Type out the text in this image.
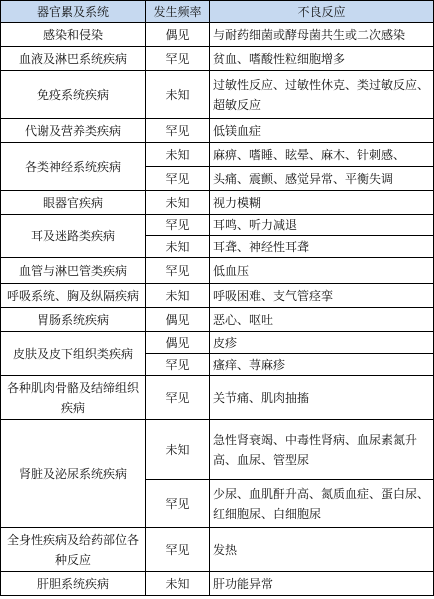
器官累及系统	发生频率	不良反应
感染和侵染	偶见	与耐药细菌或酵母菌共生或二次感染
血液及淋巴系统疾病	罕见	贫血、嗜酸性粒细胞增多
免疫系统疾病	未知	过敏性反应、过敏性休克、类过敏反应、超敏反应
代谢及营养类疾病	罕见	低镁血症
各类神经系统疾病	未知	麻痹、嗜睡、眩晕、麻木、针刺感、
	罕见	头痛、震颤、感觉异常、平衡失调
眼器官疾病	未知	视力模糊
耳及迷路类疾病	罕见	耳鸣、听力减退
	未知	耳聋、神经性耳聋
血管与淋巴管类疾病	罕见	低血压
呼吸系统、胸及纵隔疾病	未知	呼吸困难、支气管痉挛
胃肠系统疾病	偶见	恶心、呕吐
皮肤及皮下组织类疾病	偶见	皮疹
	罕见	瘙痒、荨麻疹
各种肌肉骨骼及结缔组织疾病	罕见	关节痛、肌肉抽搐
肾脏及泌尿系统疾病	未知	急性肾衰竭、中毒性肾病、血尿素氮升高、血尿、管型尿
	罕见	少尿、血肌酐升高、氮质血症、蛋白尿、红细胞尿、白细胞尿
全身性疾病及给药部位各种反应	罕见	发热
肝胆系统疾病	未知	肝功能异常
